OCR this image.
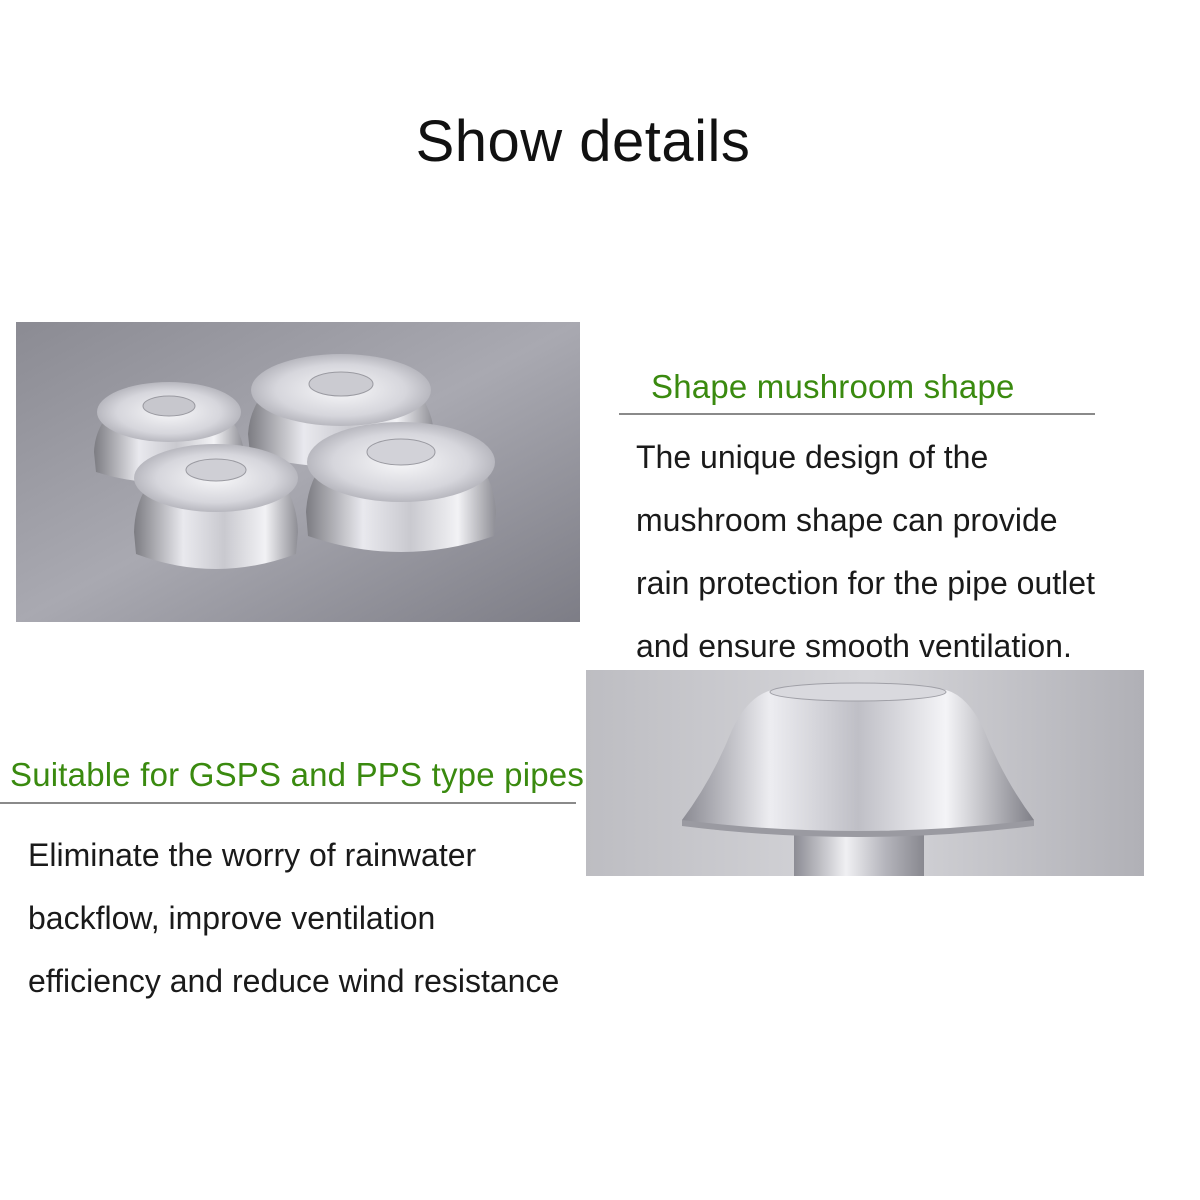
Show details
Shape mushroom shape
The unique design of the
mushroom shape can provide
rain protection for the pipe outlet
and ensure smooth ventilation.
Suitable for GSPS and PPS type pipes
Eliminate the worry of rainwater
backflow, improve ventilation
efficiency and reduce wind resistance
